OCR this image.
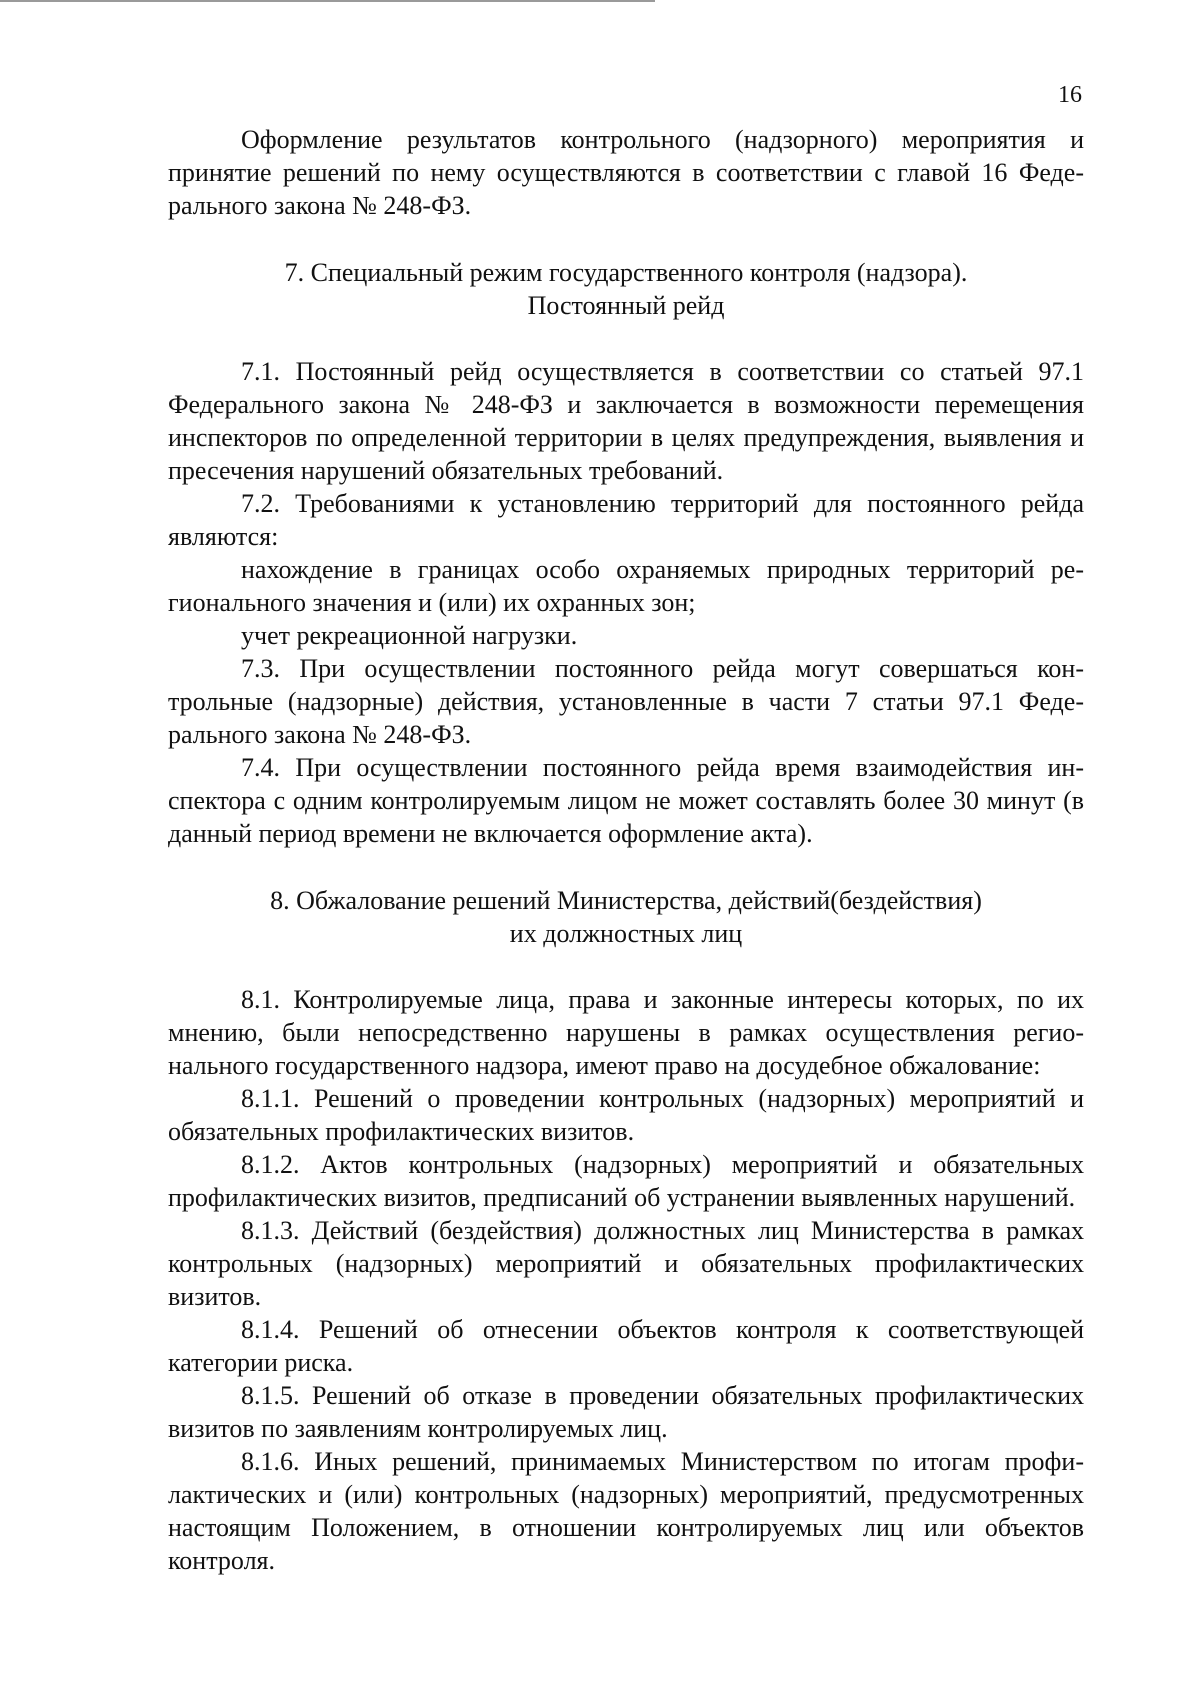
16

Оформление результатов контрольного (надзорного) мероприятия и принятие решений по нему осуществляются в соответствии с главой 16 Федерального закона № 248-ФЗ.

7. Специальный режим государственного контроля (надзора).
Постоянный рейд

7.1. Постоянный рейд осуществляется в соответствии со статьей 97.1 Федерального закона № 248-ФЗ и заключается в возможности перемещения инспекторов по определенной территории в целях предупреждения, выявления и пресечения нарушений обязательных требований.

7.2. Требованиями к установлению территорий для постоянного рейда являются:

нахождение в границах особо охраняемых природных территорий регионального значения и (или) их охранных зон;

учет рекреационной нагрузки.

7.3. При осуществлении постоянного рейда могут совершаться контрольные (надзорные) действия, установленные в части 7 статьи 97.1 Федерального закона № 248-ФЗ.

7.4. При осуществлении постоянного рейда время взаимодействия инспектора с одним контролируемым лицом не может составлять более 30 минут (в данный период времени не включается оформление акта).

8. Обжалование решений Министерства, действий(бездействия)
их должностных лиц

8.1. Контролируемые лица, права и законные интересы которых, по их мнению, были непосредственно нарушены в рамках осуществления регионального государственного надзора, имеют право на досудебное обжалование:

8.1.1. Решений о проведении контрольных (надзорных) мероприятий и обязательных профилактических визитов.

8.1.2. Актов контрольных (надзорных) мероприятий и обязательных профилактических визитов, предписаний об устранении выявленных нарушений.

8.1.3. Действий (бездействия) должностных лиц Министерства в рамках контрольных (надзорных) мероприятий и обязательных профилактических визитов.

8.1.4. Решений об отнесении объектов контроля к соответствующей категории риска.

8.1.5. Решений об отказе в проведении обязательных профилактических визитов по заявлениям контролируемых лиц.

8.1.6. Иных решений, принимаемых Министерством по итогам профилактических и (или) контрольных (надзорных) мероприятий, предусмотренных настоящим Положением, в отношении контролируемых лиц или объектов контроля.
